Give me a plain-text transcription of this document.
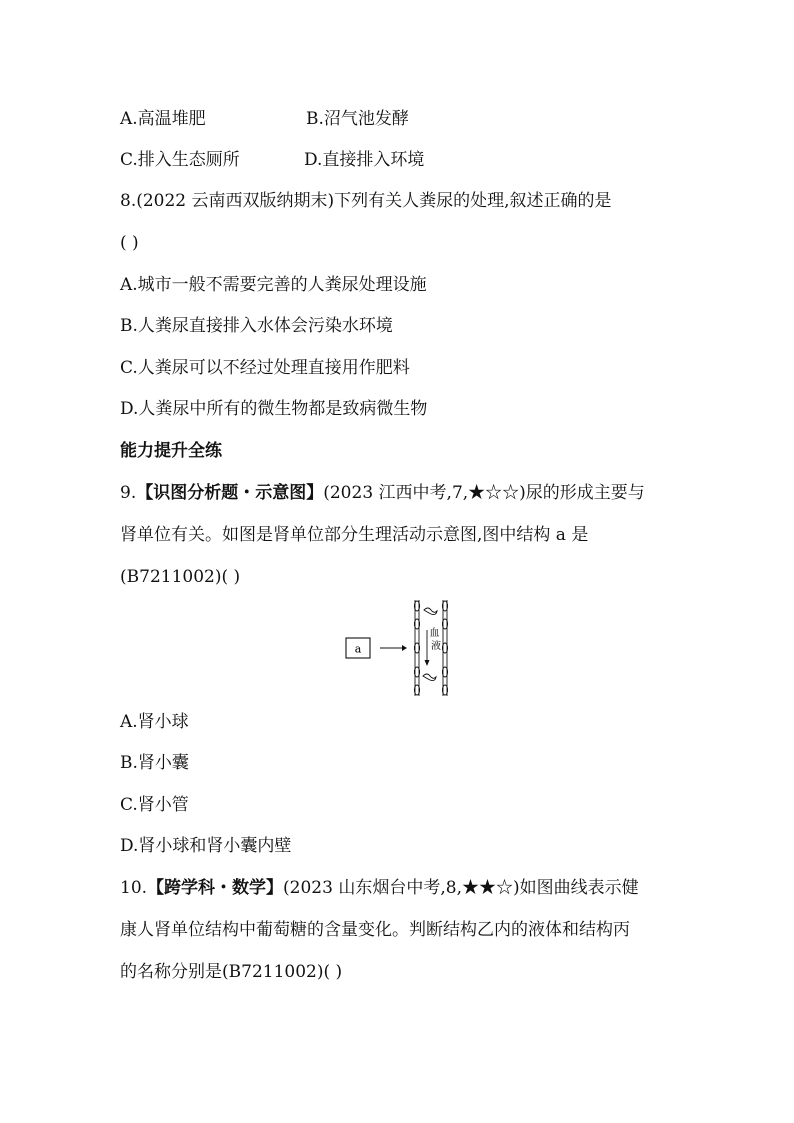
A.高温堆肥	B.沼气池发酵
C.排入生态厕所	D.直接排入环境
8.(2022 云南西双版纳期末)下列有关人粪尿的处理,叙述正确的是
( )
A.城市一般不需要完善的人粪尿处理设施
B.人粪尿直接排入水体会污染水环境
C.人粪尿可以不经过处理直接用作肥料
D.人粪尿中所有的微生物都是致病微生物
能力提升全练
9.【识图分析题・示意图】(2023 江西中考,7,★☆☆)尿的形成主要与
肾单位有关。如图是肾单位部分生理活动示意图,图中结构 a 是
(B7211002)( )
a
血 液
A.肾小球
B.肾小囊
C.肾小管
D.肾小球和肾小囊内壁
10.【跨学科・数学】(2023 山东烟台中考,8,★★☆)如图曲线表示健
康人肾单位结构中葡萄糖的含量变化。判断结构乙内的液体和结构丙
的名称分别是(B7211002)( )
